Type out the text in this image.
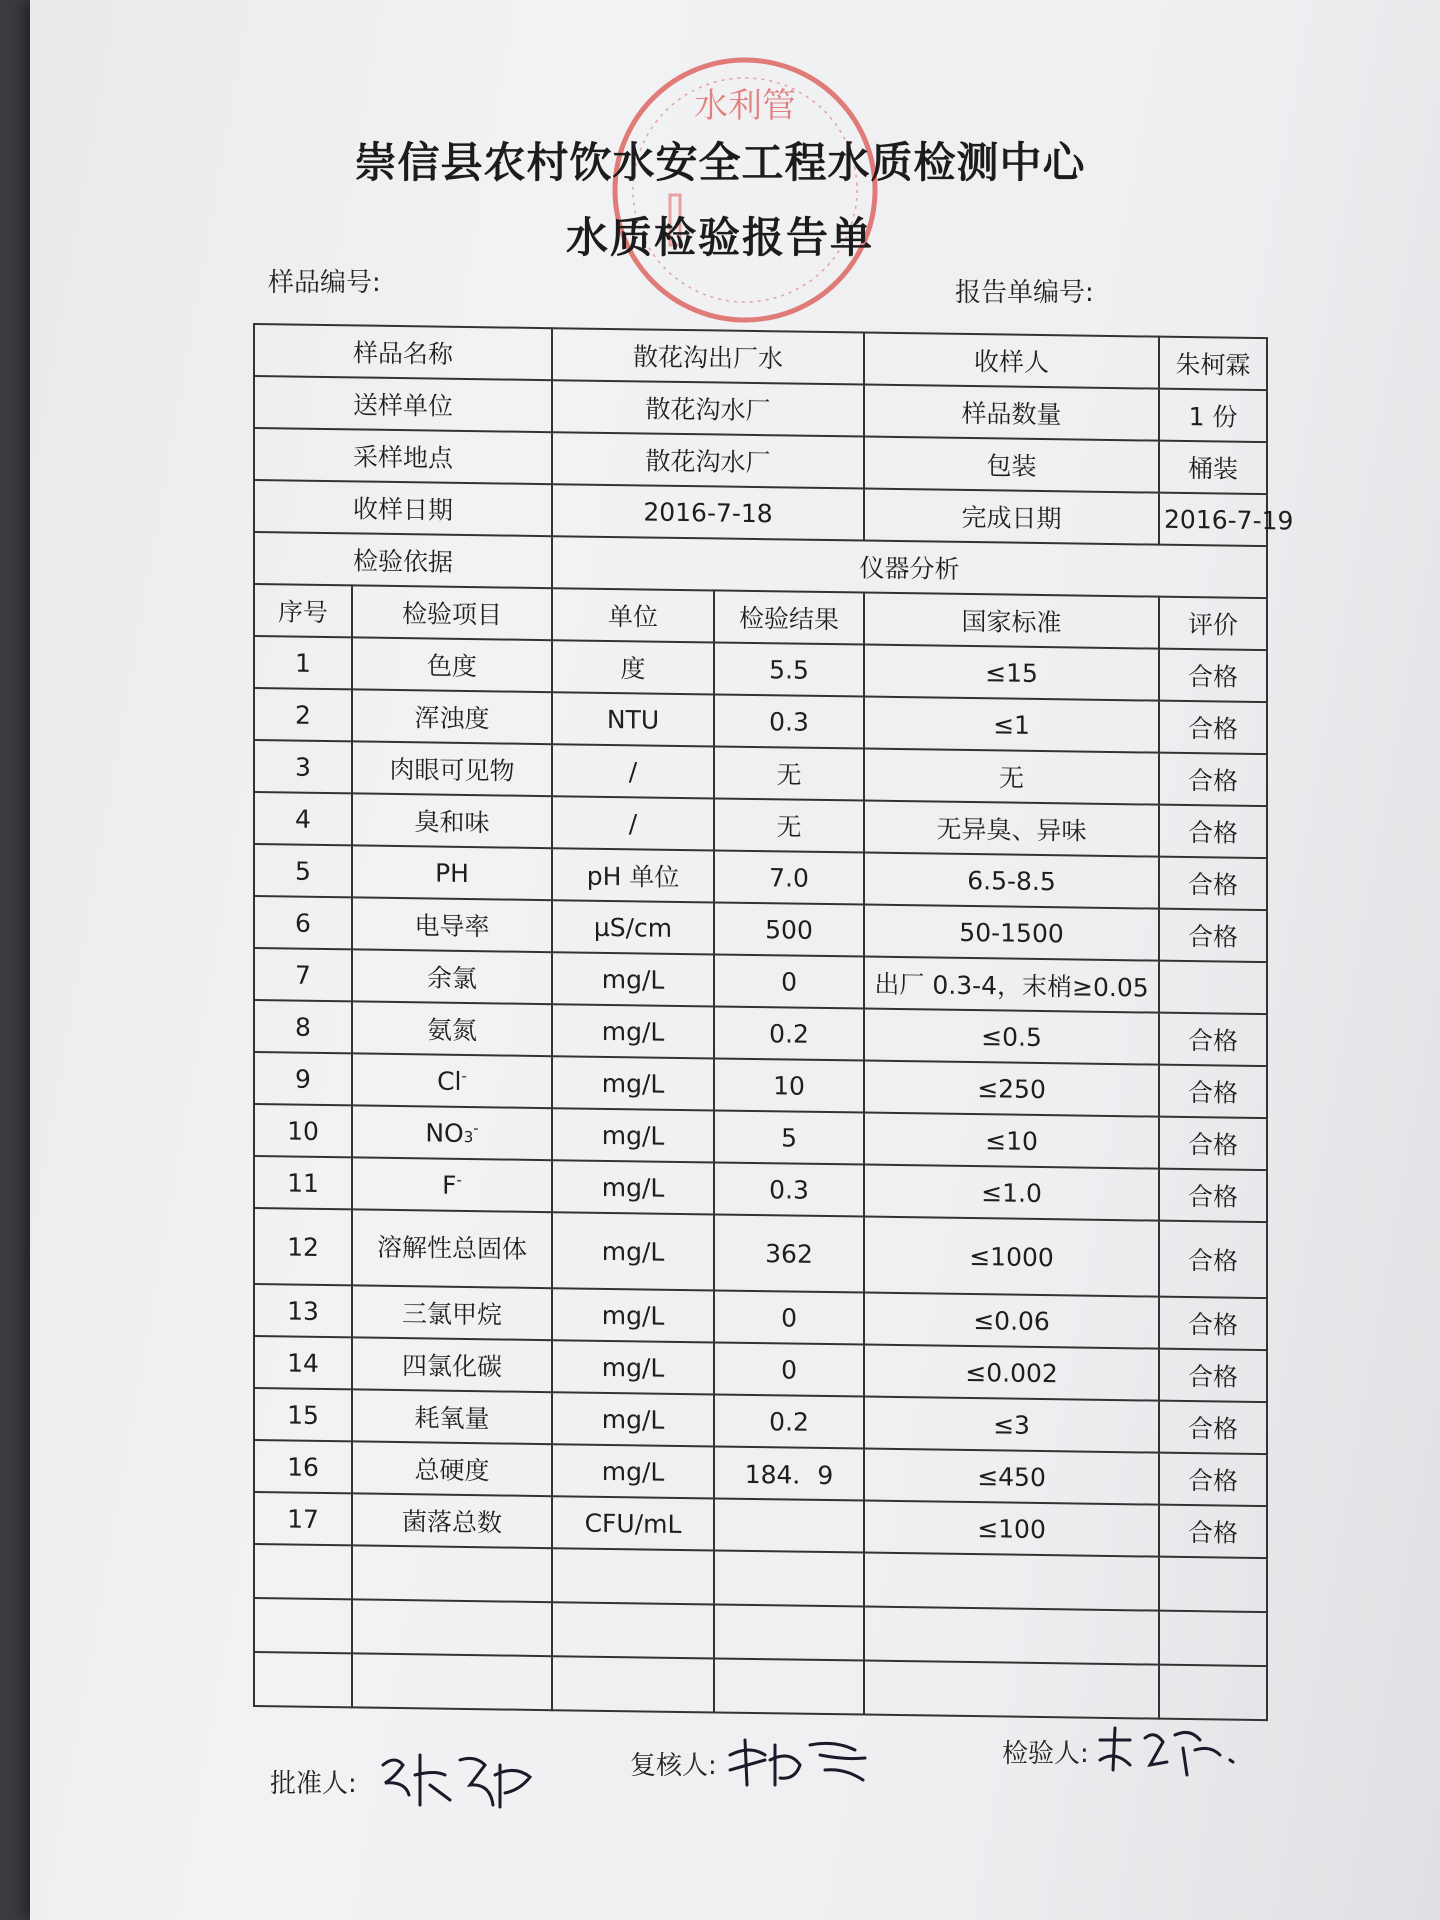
水利管
崇信县农村饮水安全工程水质检测中心
水质检验报告单
样品编号:	报告单编号:
样品名称		散花沟出厂水		收样人	朱柯霖
送样单位		散花沟水厂		样品数量	1 份
采样地点		散花沟水厂		包装	桶装
收样日期		2016-7-18		完成日期	2016-7-19
检验依据		仪器分析			
序号	检验项目	单位	检验结果	国家标准	评价
1	色度	度	5.5	≤15	合格
2	浑浊度	NTU	0.3	≤1	合格
3	肉眼可见物	/	无	无	合格
4	臭和味	/	无	无异臭、异味	合格
5	PH	pH 单位	7.0	6.5-8.5	合格
6	电导率	μS/cm	500	50-1500	合格
7	余氯	mg/L	0	出厂 0.3-4，末梢≥0.05	
8	氨氮	mg/L	0.2	≤0.5	合格
9	Cl-	mg/L	10	≤250	合格
10	NO3-	mg/L	5	≤10	合格
11	F-	mg/L	0.3	≤1.0	合格
12	溶解性总固体	mg/L	362	≤1000	合格
13	三氯甲烷	mg/L	0	≤0.06	合格
14	四氯化碳	mg/L	0	≤0.002	合格
15	耗氧量	mg/L	0.2	≤3	合格
16	总硬度	mg/L	184．9	≤450	合格
17	菌落总数	CFU/mL		≤100	合格

批准人:
复核人:	检验人:
